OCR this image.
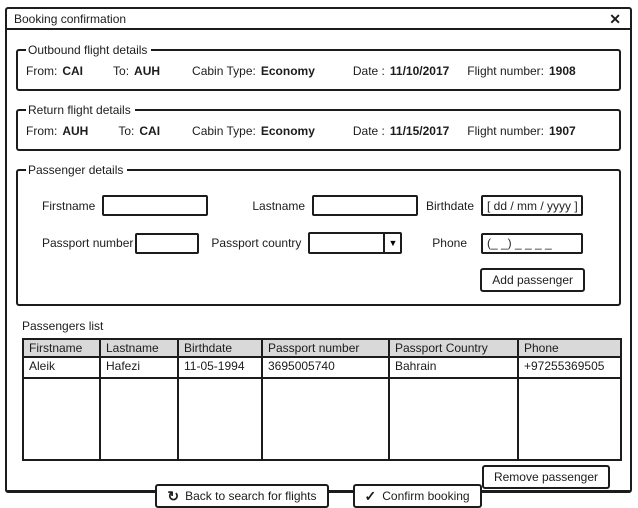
Booking confirmation	✕
Outbound flight details
From: CAI	To: AUH	Cabin Type: Economy	Date : 11/10/2017 Flight number: 1908
Return flight details
From: AUH	To: CAI	Cabin Type: Economy	Date : 11/15/2017 Flight number: 1907
Passenger details
Firstname	Lastname	Birthdate
[ dd / mm / yyyy ]
Passport number	Passport country	▼	Phone
(_ _) _ _ _ _
Add passenger
Passengers list
Firstname	Lastname	Birthdate	Passport number	Passport Country	Phone
Aleik	Hafezi	11-05-1994	3695005740	Bahrain	+97255369505

Remove passenger
↻ Back to search for flights	✓ Confirm booking
